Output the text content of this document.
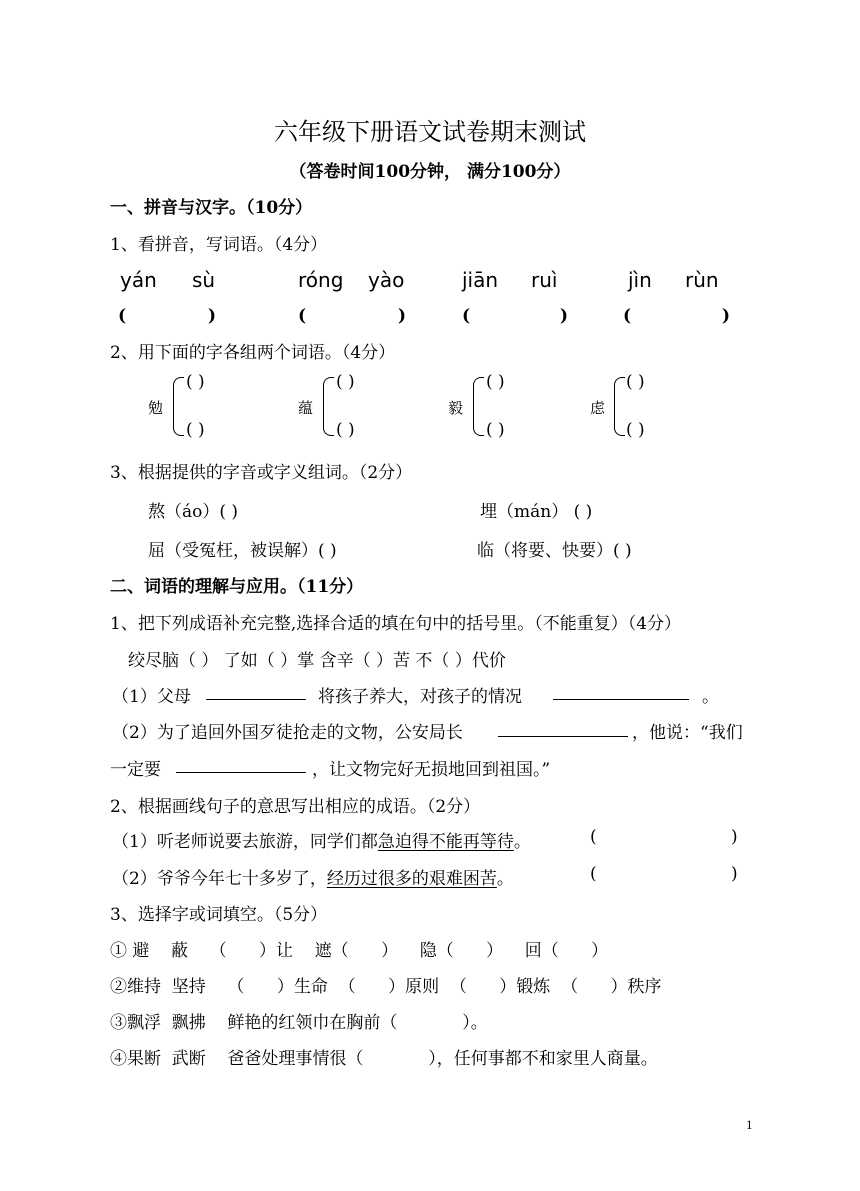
六年级下册语文试卷期末测试
（答卷时间100分钟， 满分100分）
一、拼音与汉字。（10分）
1、看拼音，写词语。（4分）
yán sù	róng yào	jiān ruì	jìn rùn
(	)	(	)	(	)	(	)
2、用下面的字各组两个词语。（4分）
勉
( )
( )
蕴
( )
( )
毅
( )
( )
虑
( )
( )
3、根据提供的字音或字义组词。（2分）
熬（áo）( )	埋（mán） ( )
屈（受冤枉，被误解）( )	临（将要、快要）( )
二、词语的理解与应用。（11分）
1、把下列成语补充完整,选择合适的填在句中的括号里。（不能重复）（4分）
绞尽脑（ ） 了如（ ）掌 含辛（ ）苦 不（ ）代价
（1）父母	将孩子养大，对孩子的情况	。
（2）为了追回外国歹徒抢走的文物，公安局长	，他说：“我们
一定要	，让文物完好无损地回到祖国。”
2、根据画线句子的意思写出相应的成语。（2分）
（1）听老师说要去旅游，同学们都急迫得不能再等待。	(	)
（2）爷爷今年七十多岁了，经历过很多的艰难困苦。	(	)
3、选择字或词填空。（5分）
① 避    蔽    （      ）让    遮（      ）    隐（      ）    回（      ）
②维持  坚持    （      ）生命  （      ）原则  （      ）锻炼  （      ）秩序
③飘浮  飘拂    鲜艳的红领巾在胸前（            ）。
④果断  武断    爸爸处理事情很（            ），任何事都不和家里人商量。
1
